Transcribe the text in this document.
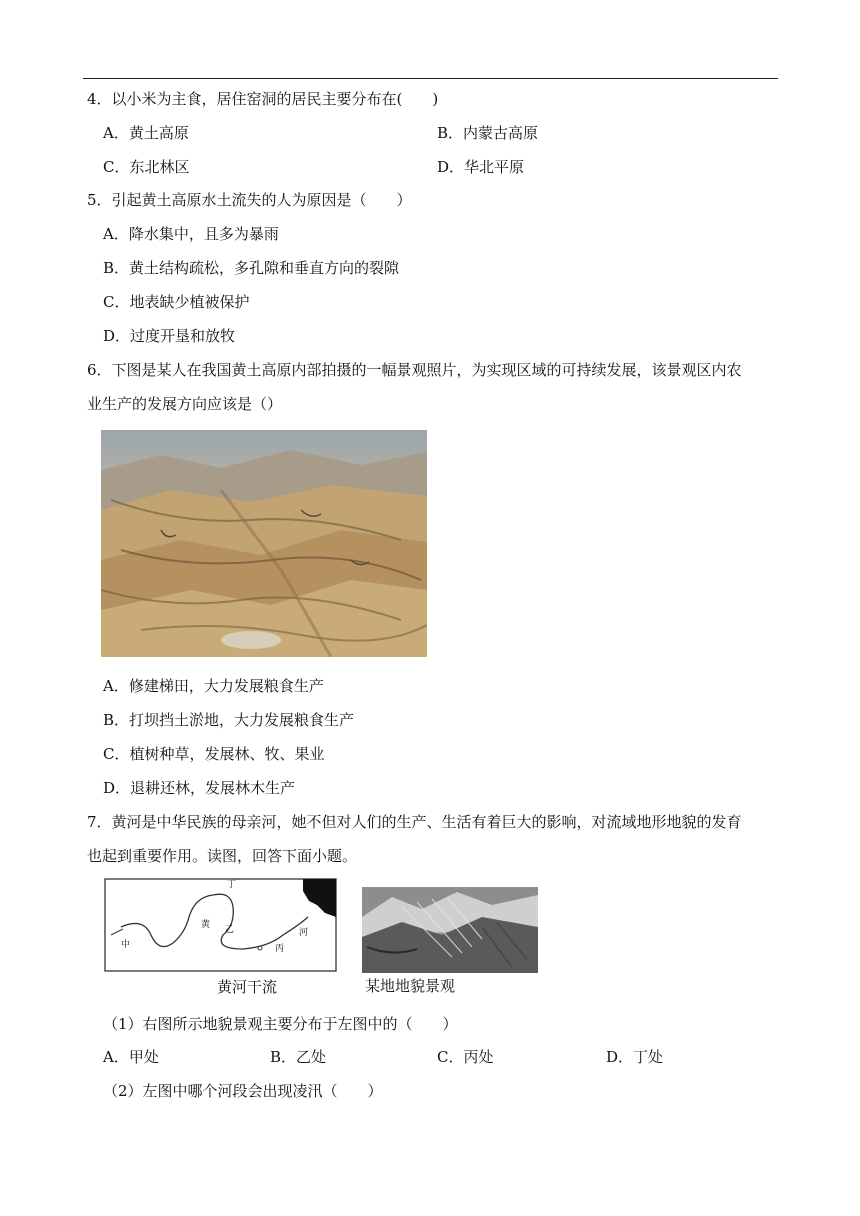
4．以小米为主食，居住窑洞的居民主要分布在(　　)
A．黄土高原	B．内蒙古高原
C．东北林区	D．华北平原
5．引起黄土高原水土流失的人为原因是（　　）
A．降水集中，且多为暴雨
B．黄土结构疏松，多孔隙和垂直方向的裂隙
C．地表缺少植被保护
D．过度开垦和放牧
6．下图是某人在我国黄土高原内部拍摄的一幅景观照片，为实现区域的可持续发展，该景观区内农
业生产的发展方向应该是（）
A．修建梯田，大力发展粮食生产
B．打坝挡土淤地，大力发展粮食生产
C．植树种草，发展林、牧、果业
D．退耕还林，发展林木生产
7．黄河是中华民族的母亲河，她不但对人们的生产、生活有着巨大的影响，对流域地形地貌的发育
也起到重要作用。读图，回答下面小题。
丁
黄 乙
丙
河
中
黄河干流	某地地貌景观
（1）右图所示地貌景观主要分布于左图中的（　　）
A．甲处	B．乙处	C．丙处	D．丁处
（2）左图中哪个河段会出现凌汛（　　）
